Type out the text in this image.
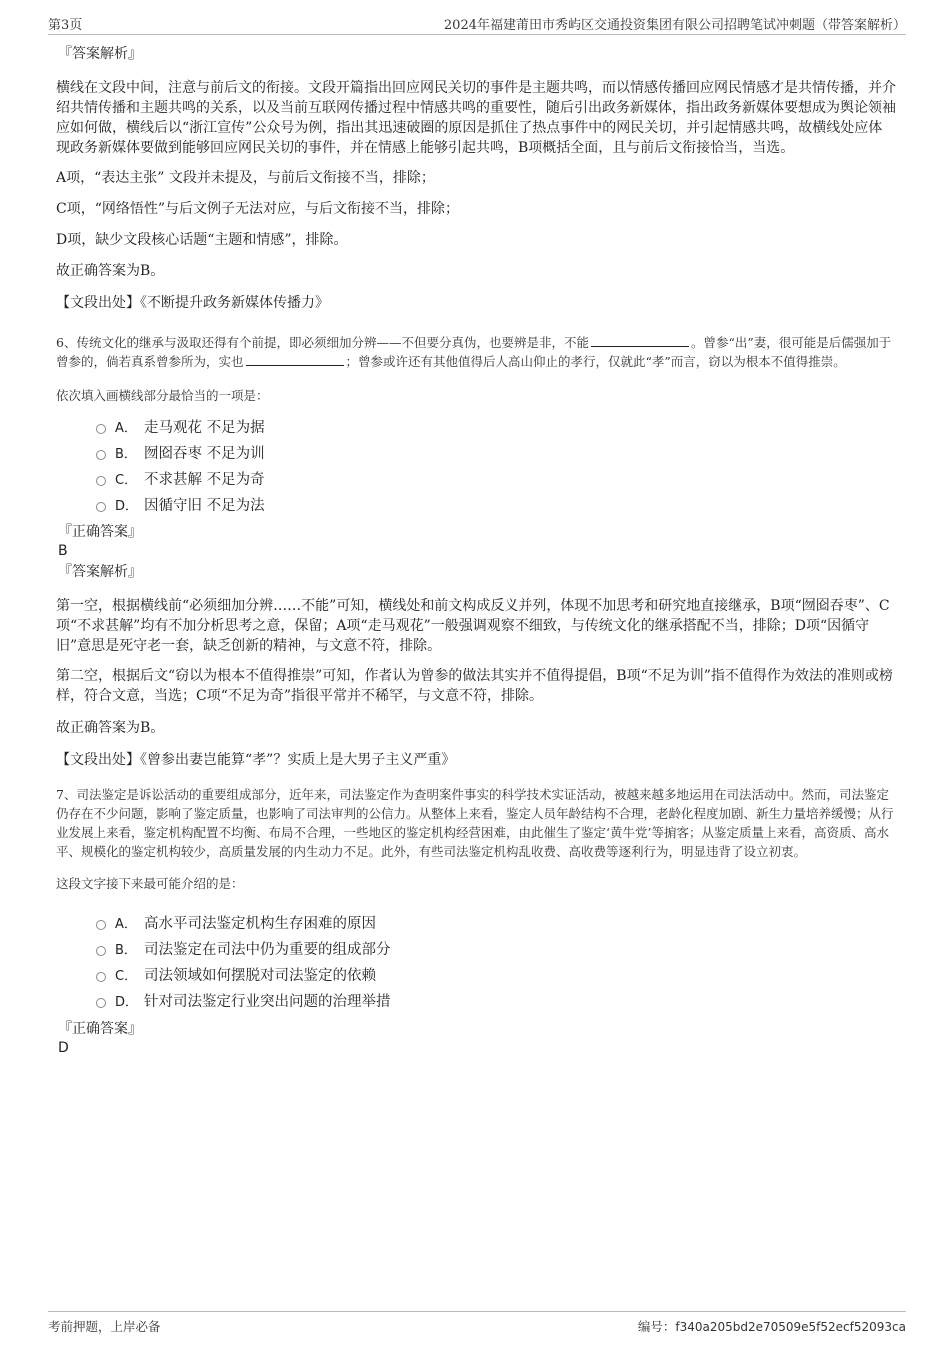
第3页	2024年福建莆田市秀屿区交通投资集团有限公司招聘笔试冲刺题（带答案解析）
『答案解析』

横线在文段中间，注意与前后文的衔接。文段开篇指出回应网民关切的事件是主题共鸣，而以情感传播回应网民情感才是共情传播，并介绍共情传播和主题共鸣的关系，以及当前互联网传播过程中情感共鸣的重要性，随后引出政务新媒体，指出政务新媒体要想成为舆论领袖应如何做，横线后以“浙江宣传”公众号为例，指出其迅速破圈的原因是抓住了热点事件中的网民关切，并引起情感共鸣，故横线处应体现政务新媒体要做到能够回应网民关切的事件，并在情感上能够引起共鸣，B项概括全面，且与前后文衔接恰当，当选。

A项，“表达主张” 文段并未提及，与前后文衔接不当，排除；

C项，“网络悟性”与后文例子无法对应，与后文衔接不当，排除；

D项，缺少文段核心话题“主题和情感”，排除。

故正确答案为B。

【文段出处】《不断提升政务新媒体传播力》

6、传统文化的继承与汲取还得有个前提，即必须细加分辨——不但要分真伪，也要辨是非，不能	。曾参“出”妻，很可能是后儒强加于曾参的，倘若真系曾参所为，实也	；曾参或许还有其他值得后人高山仰止的孝行，仅就此“孝”而言，窃以为根本不值得推崇。

依次填入画横线部分最恰当的一项是：

A． 走马观花 不足为据
B． 囫囵吞枣 不足为训
C． 不求甚解 不足为奇
D． 因循守旧 不足为法
『正确答案』
B
『答案解析』

第一空，根据横线前“必须细加分辨……不能”可知，横线处和前文构成反义并列，体现不加思考和研究地直接继承，B项“囫囵吞枣”、C项“不求甚解”均有不加分析思考之意，保留；A项“走马观花”一般强调观察不细致，与传统文化的继承搭配不当，排除；D项“因循守旧”意思是死守老一套，缺乏创新的精神，与文意不符，排除。

第二空，根据后文“窃以为根本不值得推崇”可知，作者认为曾参的做法其实并不值得提倡，B项“不足为训”指不值得作为效法的准则或榜样，符合文意，当选；C项“不足为奇”指很平常并不稀罕，与文意不符，排除。

故正确答案为B。

【文段出处】《曾参出妻岂能算“孝”？实质上是大男子主义严重》

7、司法鉴定是诉讼活动的重要组成部分，近年来，司法鉴定作为查明案件事实的科学技术实证活动，被越来越多地运用在司法活动中。然而，司法鉴定仍存在不少问题，影响了鉴定质量，也影响了司法审判的公信力。从整体上来看，鉴定人员年龄结构不合理，老龄化程度加剧、新生力量培养缓慢；从行业发展上来看，鉴定机构配置不均衡、布局不合理，一些地区的鉴定机构经营困难，由此催生了鉴定‘黄牛党’等掮客；从鉴定质量上来看，高资质、高水平、规模化的鉴定机构较少，高质量发展的内生动力不足。此外，有些司法鉴定机构乱收费、高收费等逐利行为，明显违背了设立初衷。

这段文字接下来最可能介绍的是：

A． 高水平司法鉴定机构生存困难的原因
B． 司法鉴定在司法中仍为重要的组成部分
C． 司法领域如何摆脱对司法鉴定的依赖
D． 针对司法鉴定行业突出问题的治理举措
『正确答案』
D
考前押题，上岸必备	编号：f340a205bd2e70509e5f52ecf52093ca
